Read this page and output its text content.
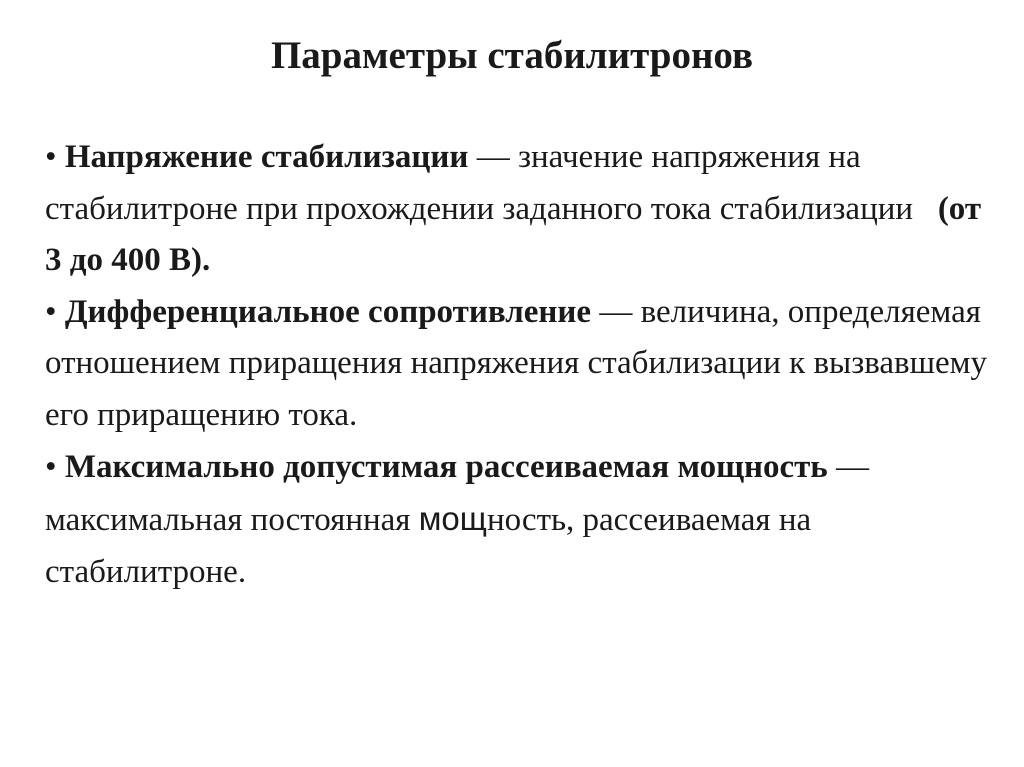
Параметры стабилитронов

• Напряжение стабилизации — значение напряжения на стабилитроне при прохождении заданного тока стабилизации (от 3 до 400 В).

• Дифференциальное сопротивление — величина, определяемая отношением приращения напряжения стабилизации к вызвавшему его приращению тока.

• Максимально допустимая рассеиваемая мощность — максимальная постоянная мощность, рассеиваемая на стабилитроне.
